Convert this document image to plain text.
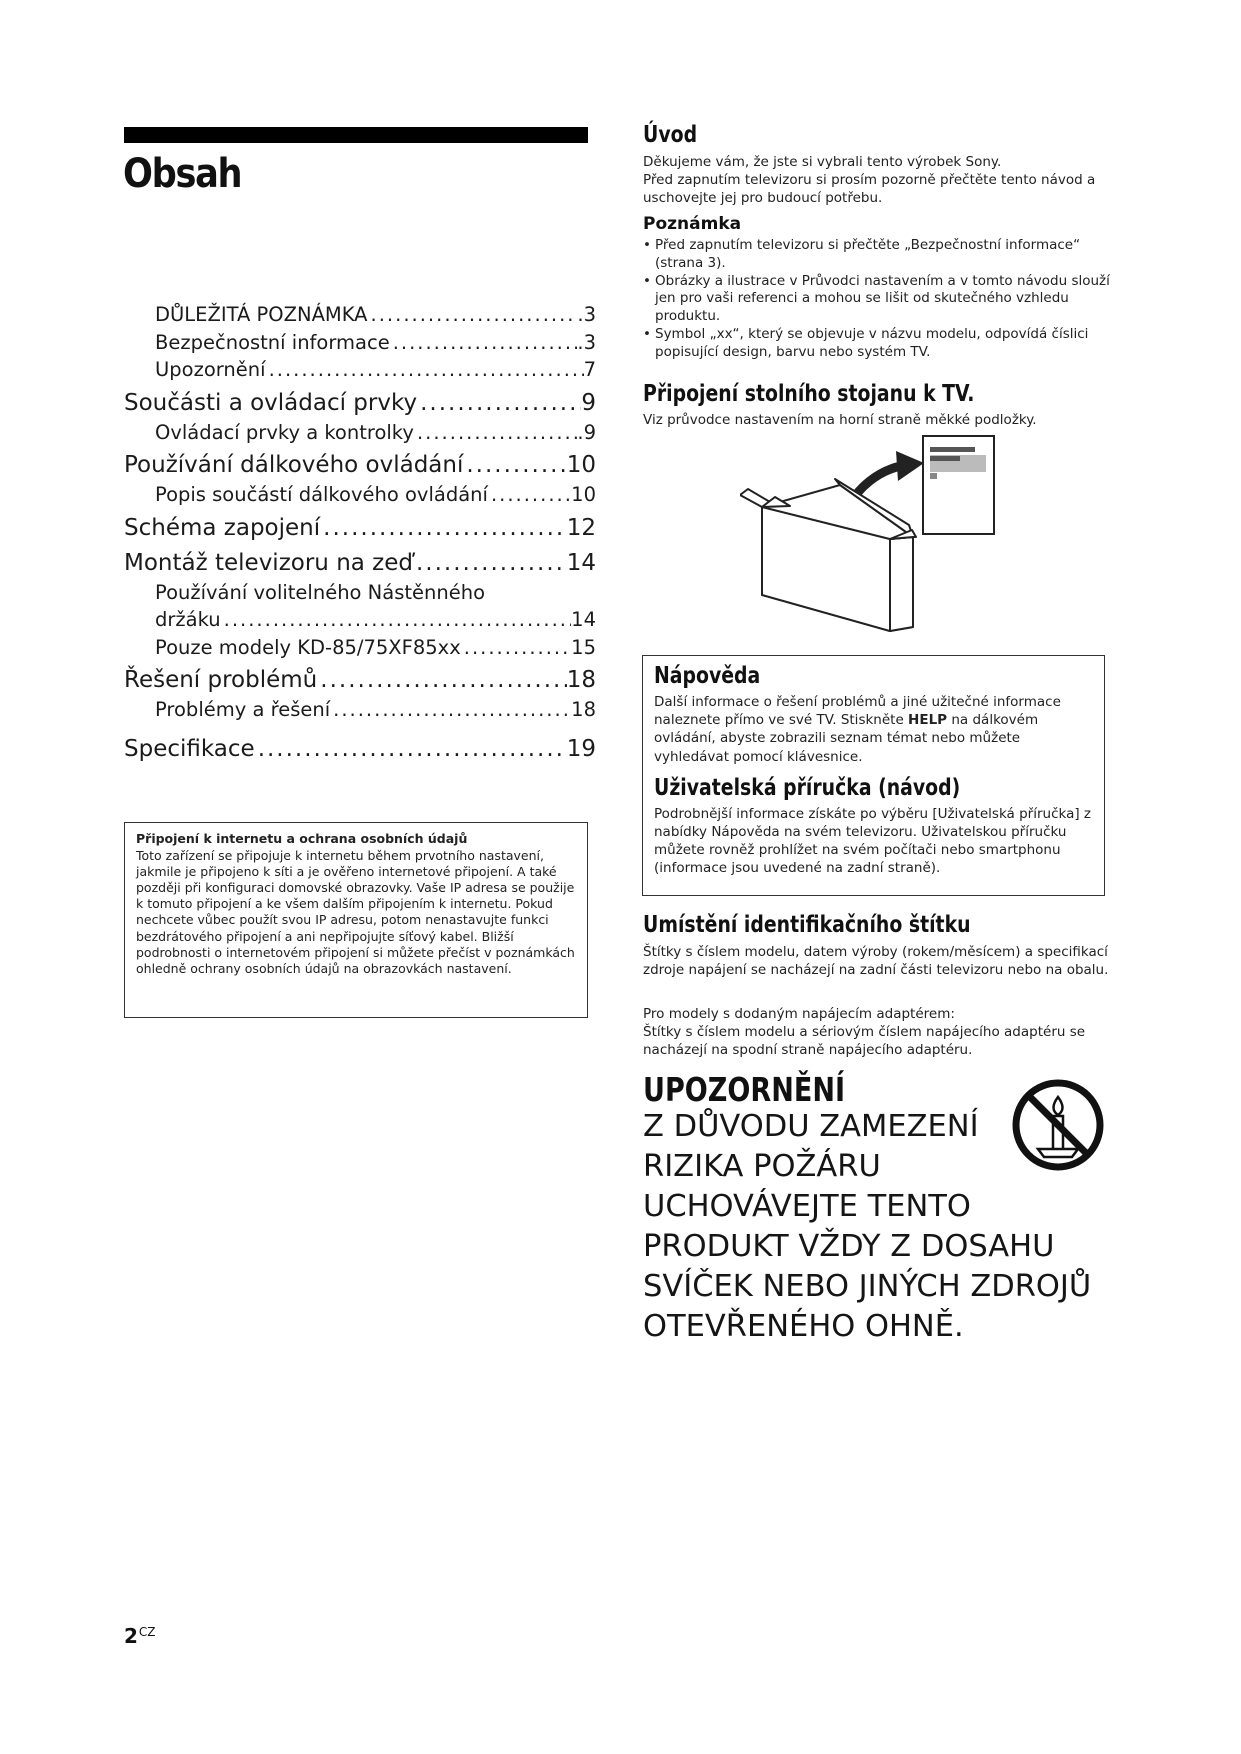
Obsah
DŮLEŽITÁ POZNÁMKA .....	.3
Bezpečnostní informace .....	.3
Upozornění .....	7
Součásti a ovládací prvky .....	9
Ovládací prvky a kontrolky .....	.9
Používání dálkového ovládání .....	10
Popis součástí dálkového ovládání .....	10
Schéma zapojení .....	12
Montáž televizoru na zeď .....	14
Používání volitelného Nástěnného
držáku .....	14
Pouze modely KD-85/75XF85xx .....	15
Řešení problémů .....	18
Problémy a řešení .....	18
Specifikace .....	19
Připojení k internetu a ochrana osobních údajů
Toto zařízení se připojuje k internetu během prvotního nastavení, jakmile je připojeno k síti a je ověřeno internetové připojení. A také později při konfiguraci domovské obrazovky. Vaše IP adresa se použije k tomuto připojení a ke všem dalším připojením k internetu. Pokud nechcete vůbec použít svou IP adresu, potom nenastavujte funkci bezdrátového připojení a ani nepřipojujte síťový kabel. Bližší podrobnosti o internetovém připojení si můžete přečíst v poznámkách ohledně ochrany osobních údajů na obrazovkách nastavení.
Úvod

Děkujeme vám, že jste si vybrali tento výrobek Sony.

Před zapnutím televizoru si prosím pozorně přečtěte tento návod a uschovejte jej pro budoucí potřebu.

Poznámka
• Před zapnutím televizoru si přečtěte „Bezpečnostní informace“ (strana 3).
• Obrázky a ilustrace v Průvodci nastavením a v tomto návodu slouží jen pro vaši referenci a mohou se lišit od skutečného vzhledu produktu.
• Symbol „xx“, který se objevuje v názvu modelu, odpovídá číslici popisující design, barvu nebo systém TV.
Připojení stolního stojanu k TV.

Viz průvodce nastavením na horní straně měkké podložky.

Nápověda

Další informace o řešení problémů a jiné užitečné informace naleznete přímo ve své TV. Stiskněte HELP na dálkovém ovládání, abyste zobrazili seznam témat nebo můžete vyhledávat pomocí klávesnice.

Uživatelská příručka (návod)

Podrobnější informace získáte po výběru [Uživatelská příručka] z nabídky Nápověda na svém televizoru. Uživatelskou příručku můžete rovněž prohlížet na svém počítači nebo smartphonu (informace jsou uvedené na zadní straně).

Umístění identifikačního štítku

Štítky s číslem modelu, datem výroby (rokem/měsícem) a specifikací zdroje napájení se nacházejí na zadní části televizoru nebo na obalu.

Pro modely s dodaným napájecím adaptérem:

Štítky s číslem modelu a sériovým číslem napájecího adaptéru se nacházejí na spodní straně napájecího adaptéru.

UPOZORNĚNÍ
Z DŮVODU ZAMEZENÍ
RIZIKA POŽÁRU
UCHOVÁVEJTE TENTO
PRODUKT VŽDY Z DOSAHU
SVÍČEK NEBO JINÝCH ZDROJŮ
OTEVŘENÉHO OHNĚ.
$2^{CZ}$
